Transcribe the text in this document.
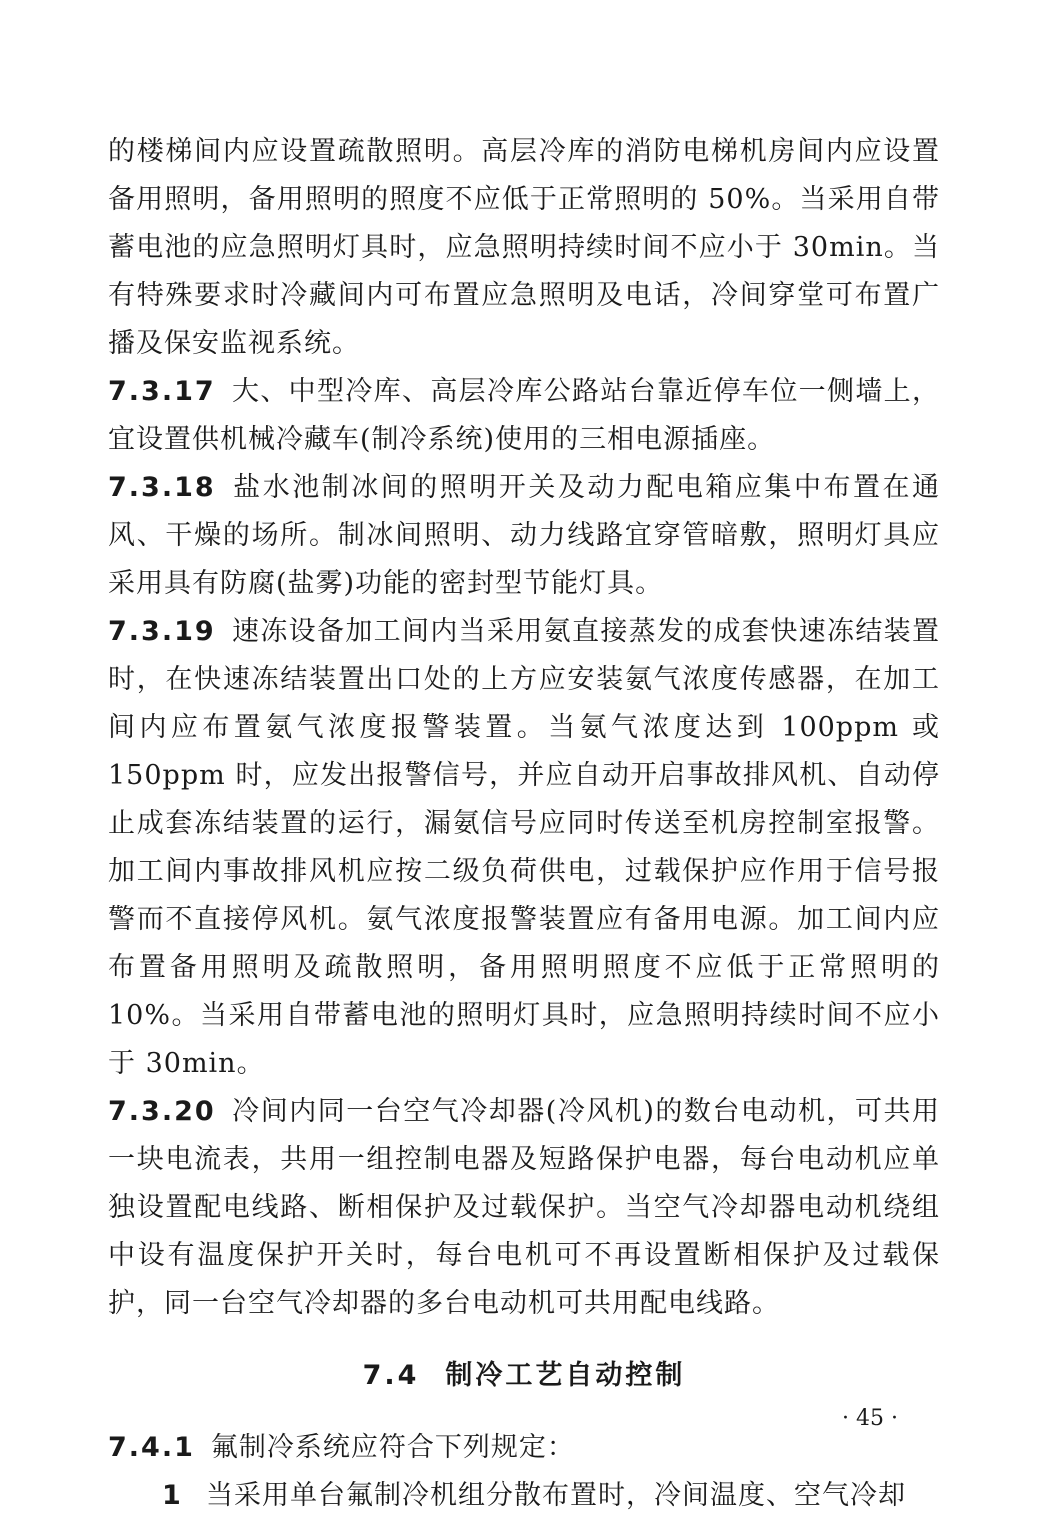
的楼梯间内应设置疏散照明。高层冷库的消防电梯机房间内应设置备用照明，备用照明的照度不应低于正常照明的 50%。当采用自带蓄电池的应急照明灯具时，应急照明持续时间不应小于 30min。当有特殊要求时冷藏间内可布置应急照明及电话，冷间穿堂可布置广播及保安监视系统。

7.3.17 大、中型冷库、高层冷库公路站台靠近停车位一侧墙上，宜设置供机械冷藏车(制冷系统)使用的三相电源插座。

7.3.18 盐水池制冰间的照明开关及动力配电箱应集中布置在通风、干燥的场所。制冰间照明、动力线路宜穿管暗敷，照明灯具应采用具有防腐(盐雾)功能的密封型节能灯具。

7.3.19 速冻设备加工间内当采用氨直接蒸发的成套快速冻结装置时，在快速冻结装置出口处的上方应安装氨气浓度传感器，在加工间内应布置氨气浓度报警装置。当氨气浓度达到 100ppm 或 150ppm 时，应发出报警信号，并应自动开启事故排风机、自动停止成套冻结装置的运行，漏氨信号应同时传送至机房控制室报警。加工间内事故排风机应按二级负荷供电，过载保护应作用于信号报警而不直接停风机。氨气浓度报警装置应有备用电源。加工间内应布置备用照明及疏散照明，备用照明照度不应低于正常照明的 10%。当采用自带蓄电池的照明灯具时，应急照明持续时间不应小于 30min。

7.3.20 冷间内同一台空气冷却器(冷风机)的数台电动机，可共用一块电流表，共用一组控制电器及短路保护电器，每台电动机应单独设置配电线路、断相保护及过载保护。当空气冷却器电动机绕组中设有温度保护开关时，每台电机可不再设置断相保护及过载保护，同一台空气冷却器的多台电动机可共用配电线路。

7.4 制冷工艺自动控制

7.4.1 氟制冷系统应符合下列规定：

1 当采用单台氟制冷机组分散布置时，冷间温度、空气冷却

· 45 ·
